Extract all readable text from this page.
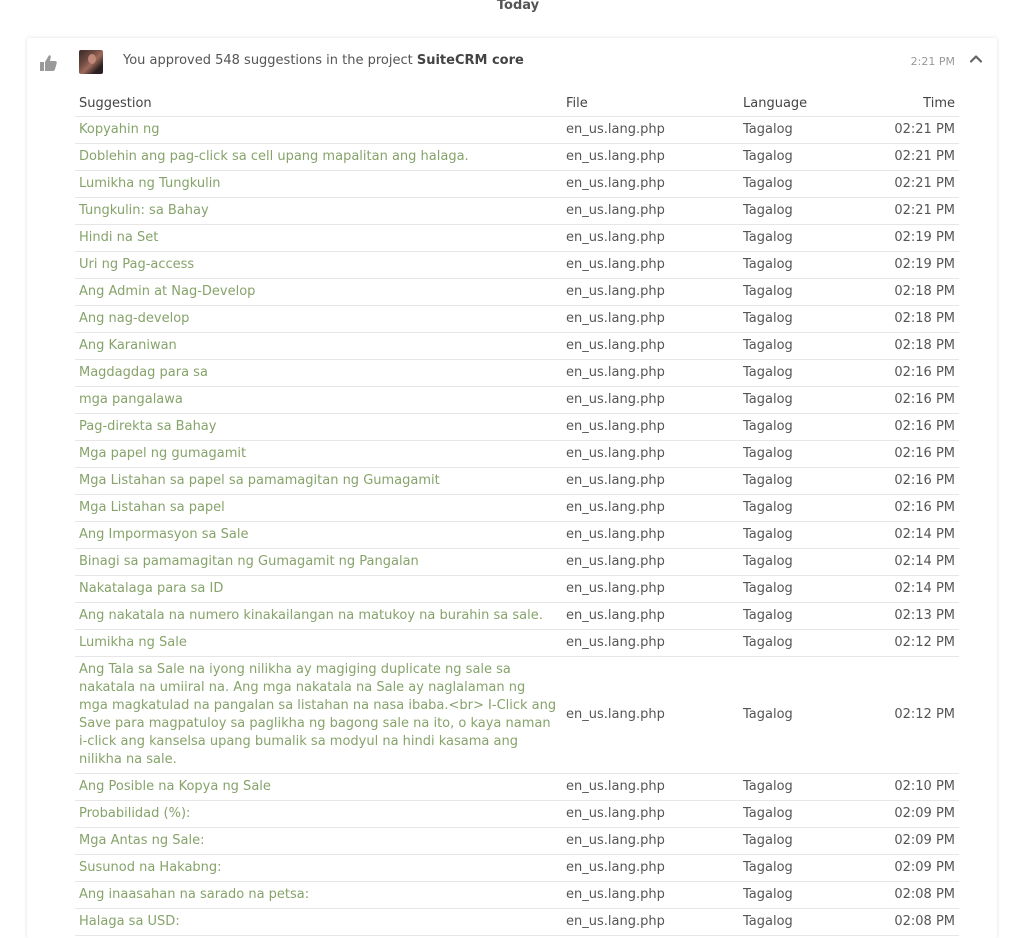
Today
You approved 548 suggestions in the project SuiteCRM core	2:21 PM
Suggestion	File	Language	Time
Kopyahin ng	en_us.lang.php	Tagalog	02:21 PM
Doblehin ang pag-click sa cell upang mapalitan ang halaga.	en_us.lang.php	Tagalog	02:21 PM
Lumikha ng Tungkulin	en_us.lang.php	Tagalog	02:21 PM
Tungkulin: sa Bahay	en_us.lang.php	Tagalog	02:21 PM
Hindi na Set	en_us.lang.php	Tagalog	02:19 PM
Uri ng Pag-access	en_us.lang.php	Tagalog	02:19 PM
Ang Admin at Nag-Develop	en_us.lang.php	Tagalog	02:18 PM
Ang nag-develop	en_us.lang.php	Tagalog	02:18 PM
Ang Karaniwan	en_us.lang.php	Tagalog	02:18 PM
Magdagdag para sa	en_us.lang.php	Tagalog	02:16 PM
mga pangalawa	en_us.lang.php	Tagalog	02:16 PM
Pag-direkta sa Bahay	en_us.lang.php	Tagalog	02:16 PM
Mga papel ng gumagamit	en_us.lang.php	Tagalog	02:16 PM
Mga Listahan sa papel sa pamamagitan ng Gumagamit	en_us.lang.php	Tagalog	02:16 PM
Mga Listahan sa papel	en_us.lang.php	Tagalog	02:16 PM
Ang Impormasyon sa Sale	en_us.lang.php	Tagalog	02:14 PM
Binagi sa pamamagitan ng Gumagamit ng Pangalan	en_us.lang.php	Tagalog	02:14 PM
Nakatalaga para sa ID	en_us.lang.php	Tagalog	02:14 PM
Ang nakatala na numero kinakailangan na matukoy na burahin sa sale.	en_us.lang.php	Tagalog	02:13 PM
Lumikha ng Sale	en_us.lang.php	Tagalog	02:12 PM
Ang Tala sa Sale na iyong nilikha ay magiging duplicate ng sale sa nakatala na umiiral na. Ang mga nakatala na Sale ay naglalaman ng mga magkatulad na pangalan sa listahan na nasa ibaba.<br> I-Click ang Save para magpatuloy sa paglikha ng bagong sale na ito, o kaya naman i-click ang kanselsa upang bumalik sa modyul na hindi kasama ang nilikha na sale.	en_us.lang.php	Tagalog	02:12 PM
Ang Posible na Kopya ng Sale	en_us.lang.php	Tagalog	02:10 PM
Probabilidad (%):	en_us.lang.php	Tagalog	02:09 PM
Mga Antas ng Sale:	en_us.lang.php	Tagalog	02:09 PM
Susunod na Hakabng:	en_us.lang.php	Tagalog	02:09 PM
Ang inaasahan na sarado na petsa:	en_us.lang.php	Tagalog	02:08 PM
Halaga sa USD:	en_us.lang.php	Tagalog	02:08 PM
